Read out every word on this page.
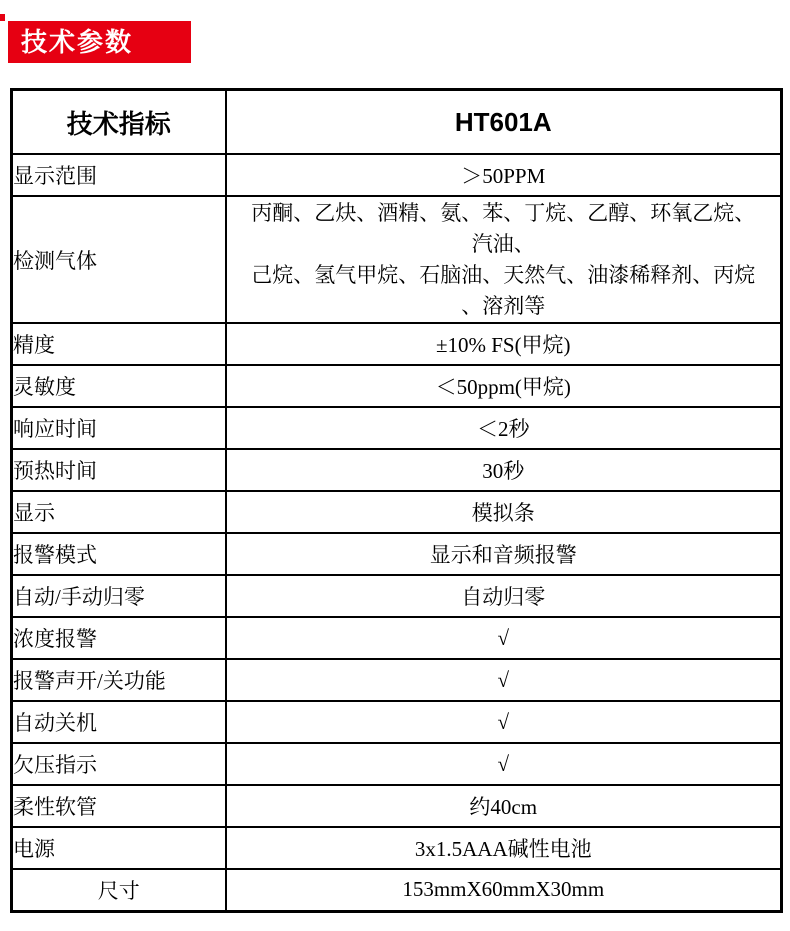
技术参数
技术指标	HT601A
显示范围	＞50PPM
检测气体	丙酮、乙炔、酒精、氨、苯、丁烷、乙醇、环氧乙烷、
汽油、
己烷、氢气甲烷、石脑油、天然气、油漆稀释剂、丙烷
、溶剂等

精度	±10% FS(甲烷)
灵敏度	＜50ppm(甲烷)
响应时间	＜2秒
预热时间	30秒
显示	模拟条
报警模式	显示和音频报警
自动/手动归零	自动归零
浓度报警	√
报警声开/关功能	√
自动关机	√
欠压指示	√
柔性软管	约40cm
电源	3x1.5AAA碱性电池
尺寸	153mmX60mmX30mm
